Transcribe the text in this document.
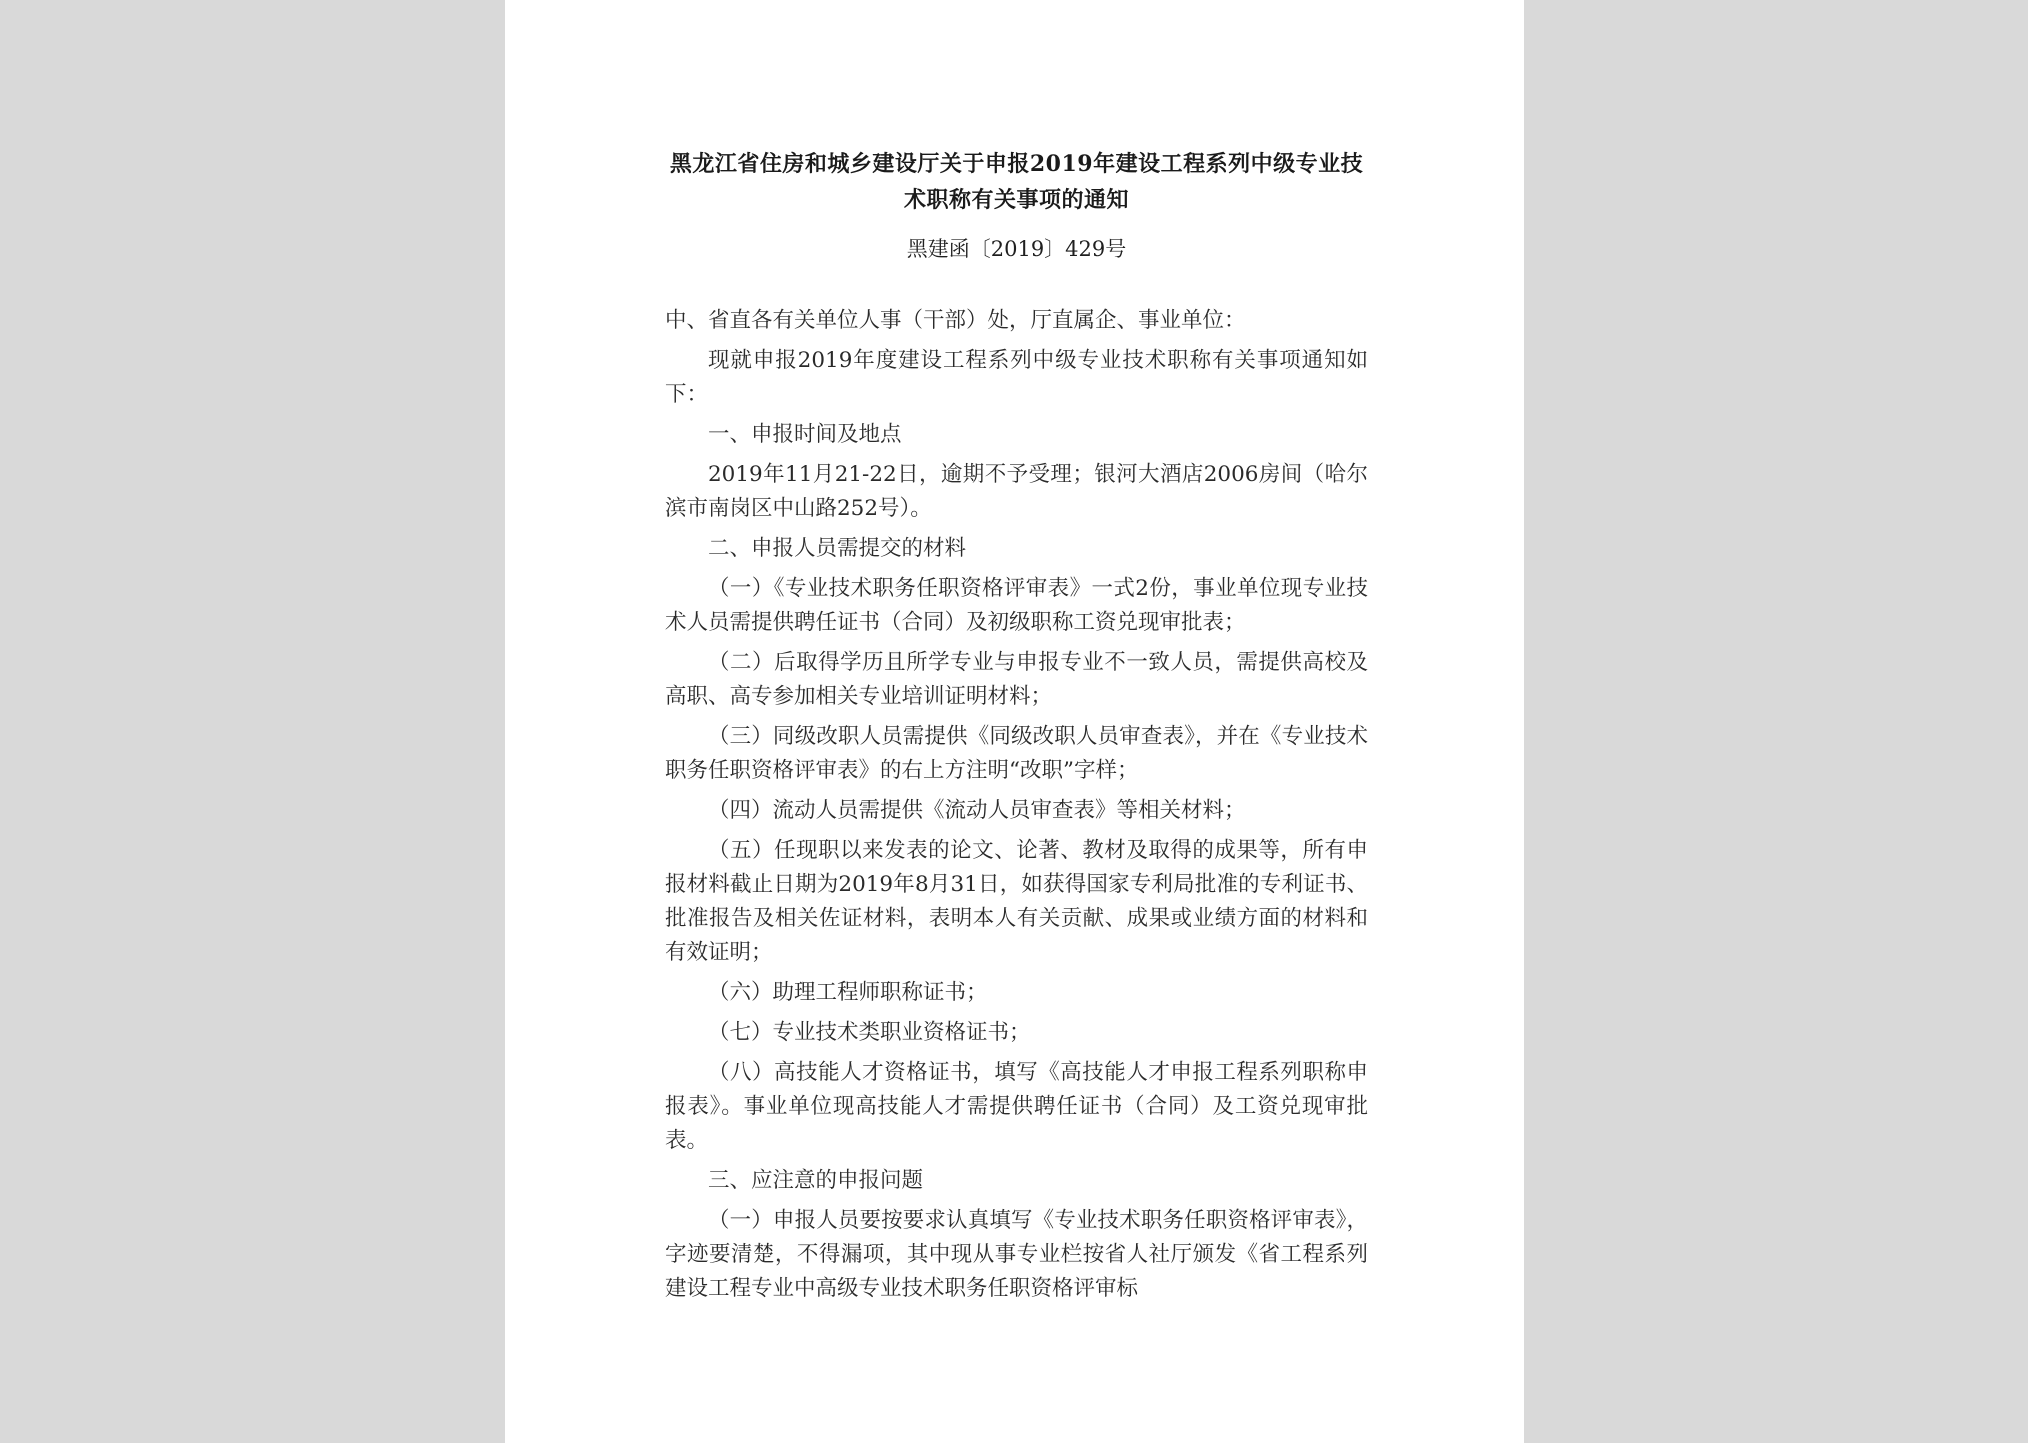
黑龙江省住房和城乡建设厅关于申报2019年建设工程系列中级专业技术职称有关事项的通知
黑建函〔2019〕429号

中、省直各有关单位人事（干部）处，厅直属企、事业单位：

现就申报2019年度建设工程系列中级专业技术职称有关事项通知如下：

一、申报时间及地点

2019年11月21-22日，逾期不予受理；银河大酒店2006房间（哈尔滨市南岗区中山路252号）。

二、申报人员需提交的材料

（一）《专业技术职务任职资格评审表》一式2份，事业单位现专业技术人员需提供聘任证书（合同）及初级职称工资兑现审批表；

（二）后取得学历且所学专业与申报专业不一致人员，需提供高校及高职、高专参加相关专业培训证明材料；

（三）同级改职人员需提供《同级改职人员审查表》，并在《专业技术职务任职资格评审表》的右上方注明“改职”字样；

（四）流动人员需提供《流动人员审查表》等相关材料；

（五）任现职以来发表的论文、论著、教材及取得的成果等，所有申报材料截止日期为2019年8月31日，如获得国家专利局批准的专利证书、批准报告及相关佐证材料，表明本人有关贡献、成果或业绩方面的材料和有效证明；

（六）助理工程师职称证书；

（七）专业技术类职业资格证书；

（八）高技能人才资格证书，填写《高技能人才申报工程系列职称申报表》。事业单位现高技能人才需提供聘任证书（合同）及工资兑现审批表。

三、应注意的申报问题

（一）申报人员要按要求认真填写《专业技术职务任职资格评审表》，字迹要清楚，不得漏项，其中现从事专业栏按省人社厅颁发《省工程系列建设工程专业中高级专业技术职务任职资格评审标
